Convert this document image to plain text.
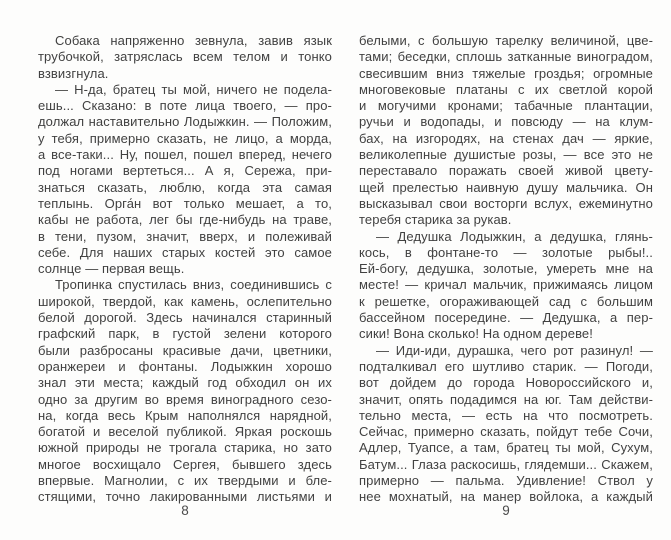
Собака напряженно зевнула, завив язык
трубочкой, затряслась всем телом и тонко
взвизгнула.
— Н-да, братец ты мой, ничего не подела-
ешь... Сказано: в поте лица твоего, — про-
должал наставительно Лодыжкин. — Положим,
у тебя, примерно сказать, не лицо, а морда,
а все-таки... Ну, пошел, пошел вперед, нечего
под ногами вертеться... А я, Сережа, при-
знаться сказать, люблю, когда эта самая
теплынь. Орга́н вот только мешает, а то,
кабы не работа, лег бы где-нибудь на траве,
в тени, пузом, значит, вверх, и полеживай
себе. Для наших старых костей это самое
солнце — первая вещь.
Тропинка спустилась вниз, соединившись с
широкой, твердой, как камень, ослепительно
белой дорогой. Здесь начинался старинный
графский парк, в густой зелени которого
были разбросаны красивые дачи, цветники,
оранжереи и фонтаны. Лодыжкин хорошо
знал эти места; каждый год обходил он их
одно за другим во время виноградного сезо-
на, когда весь Крым наполнялся нарядной,
богатой и веселой публикой. Яркая роскошь
южной природы не трогала старика, но зато
многое восхищало Сергея, бывшего здесь
впервые. Магнолии, с их твердыми и бле-
стящими, точно лакированными листьями и
белыми, с большую тарелку величиной, цве-
тами; беседки, сплошь затканные виноградом,
свесившим вниз тяжелые гроздья; огромные
многовековые платаны с их светлой корой
и могучими кронами; табачные плантации,
ручьи и водопады, и повсюду — на клум-
бах, на изгородях, на стенах дач — яркие,
великолепные душистые розы, — все это не
переставало поражать своей живой цвету-
щей прелестью наивную душу мальчика. Он
высказывал свои восторги вслух, ежеминутно
теребя старика за рукав.
— Дедушка Лодыжкин, а дедушка, глянь-
кось, в фонтане-то — золотые рыбы!..
Ей-богу, дедушка, золотые, умереть мне на
месте! — кричал мальчик, прижимаясь лицом
к решетке, огораживающей сад с большим
бассейном посередине. — Дедушка, а пер-
сики! Вона сколько! На одном дереве!
— Иди-иди, дурашка, чего рот разинул! —
подталкивал его шутливо старик. — Погоди,
вот дойдем до города Новороссийского и,
значит, опять подадимся на юг. Там действи-
тельно места, — есть на что посмотреть.
Сейчас, примерно сказать, пойдут тебе Сочи,
Адлер, Туапсе, а там, братец ты мой, Сухум,
Батум... Глаза раскосишь, глядемши... Скажем,
примерно — пальма. Удивление! Ствол у
нее мохнатый, на манер войлока, а каждый
8	9
